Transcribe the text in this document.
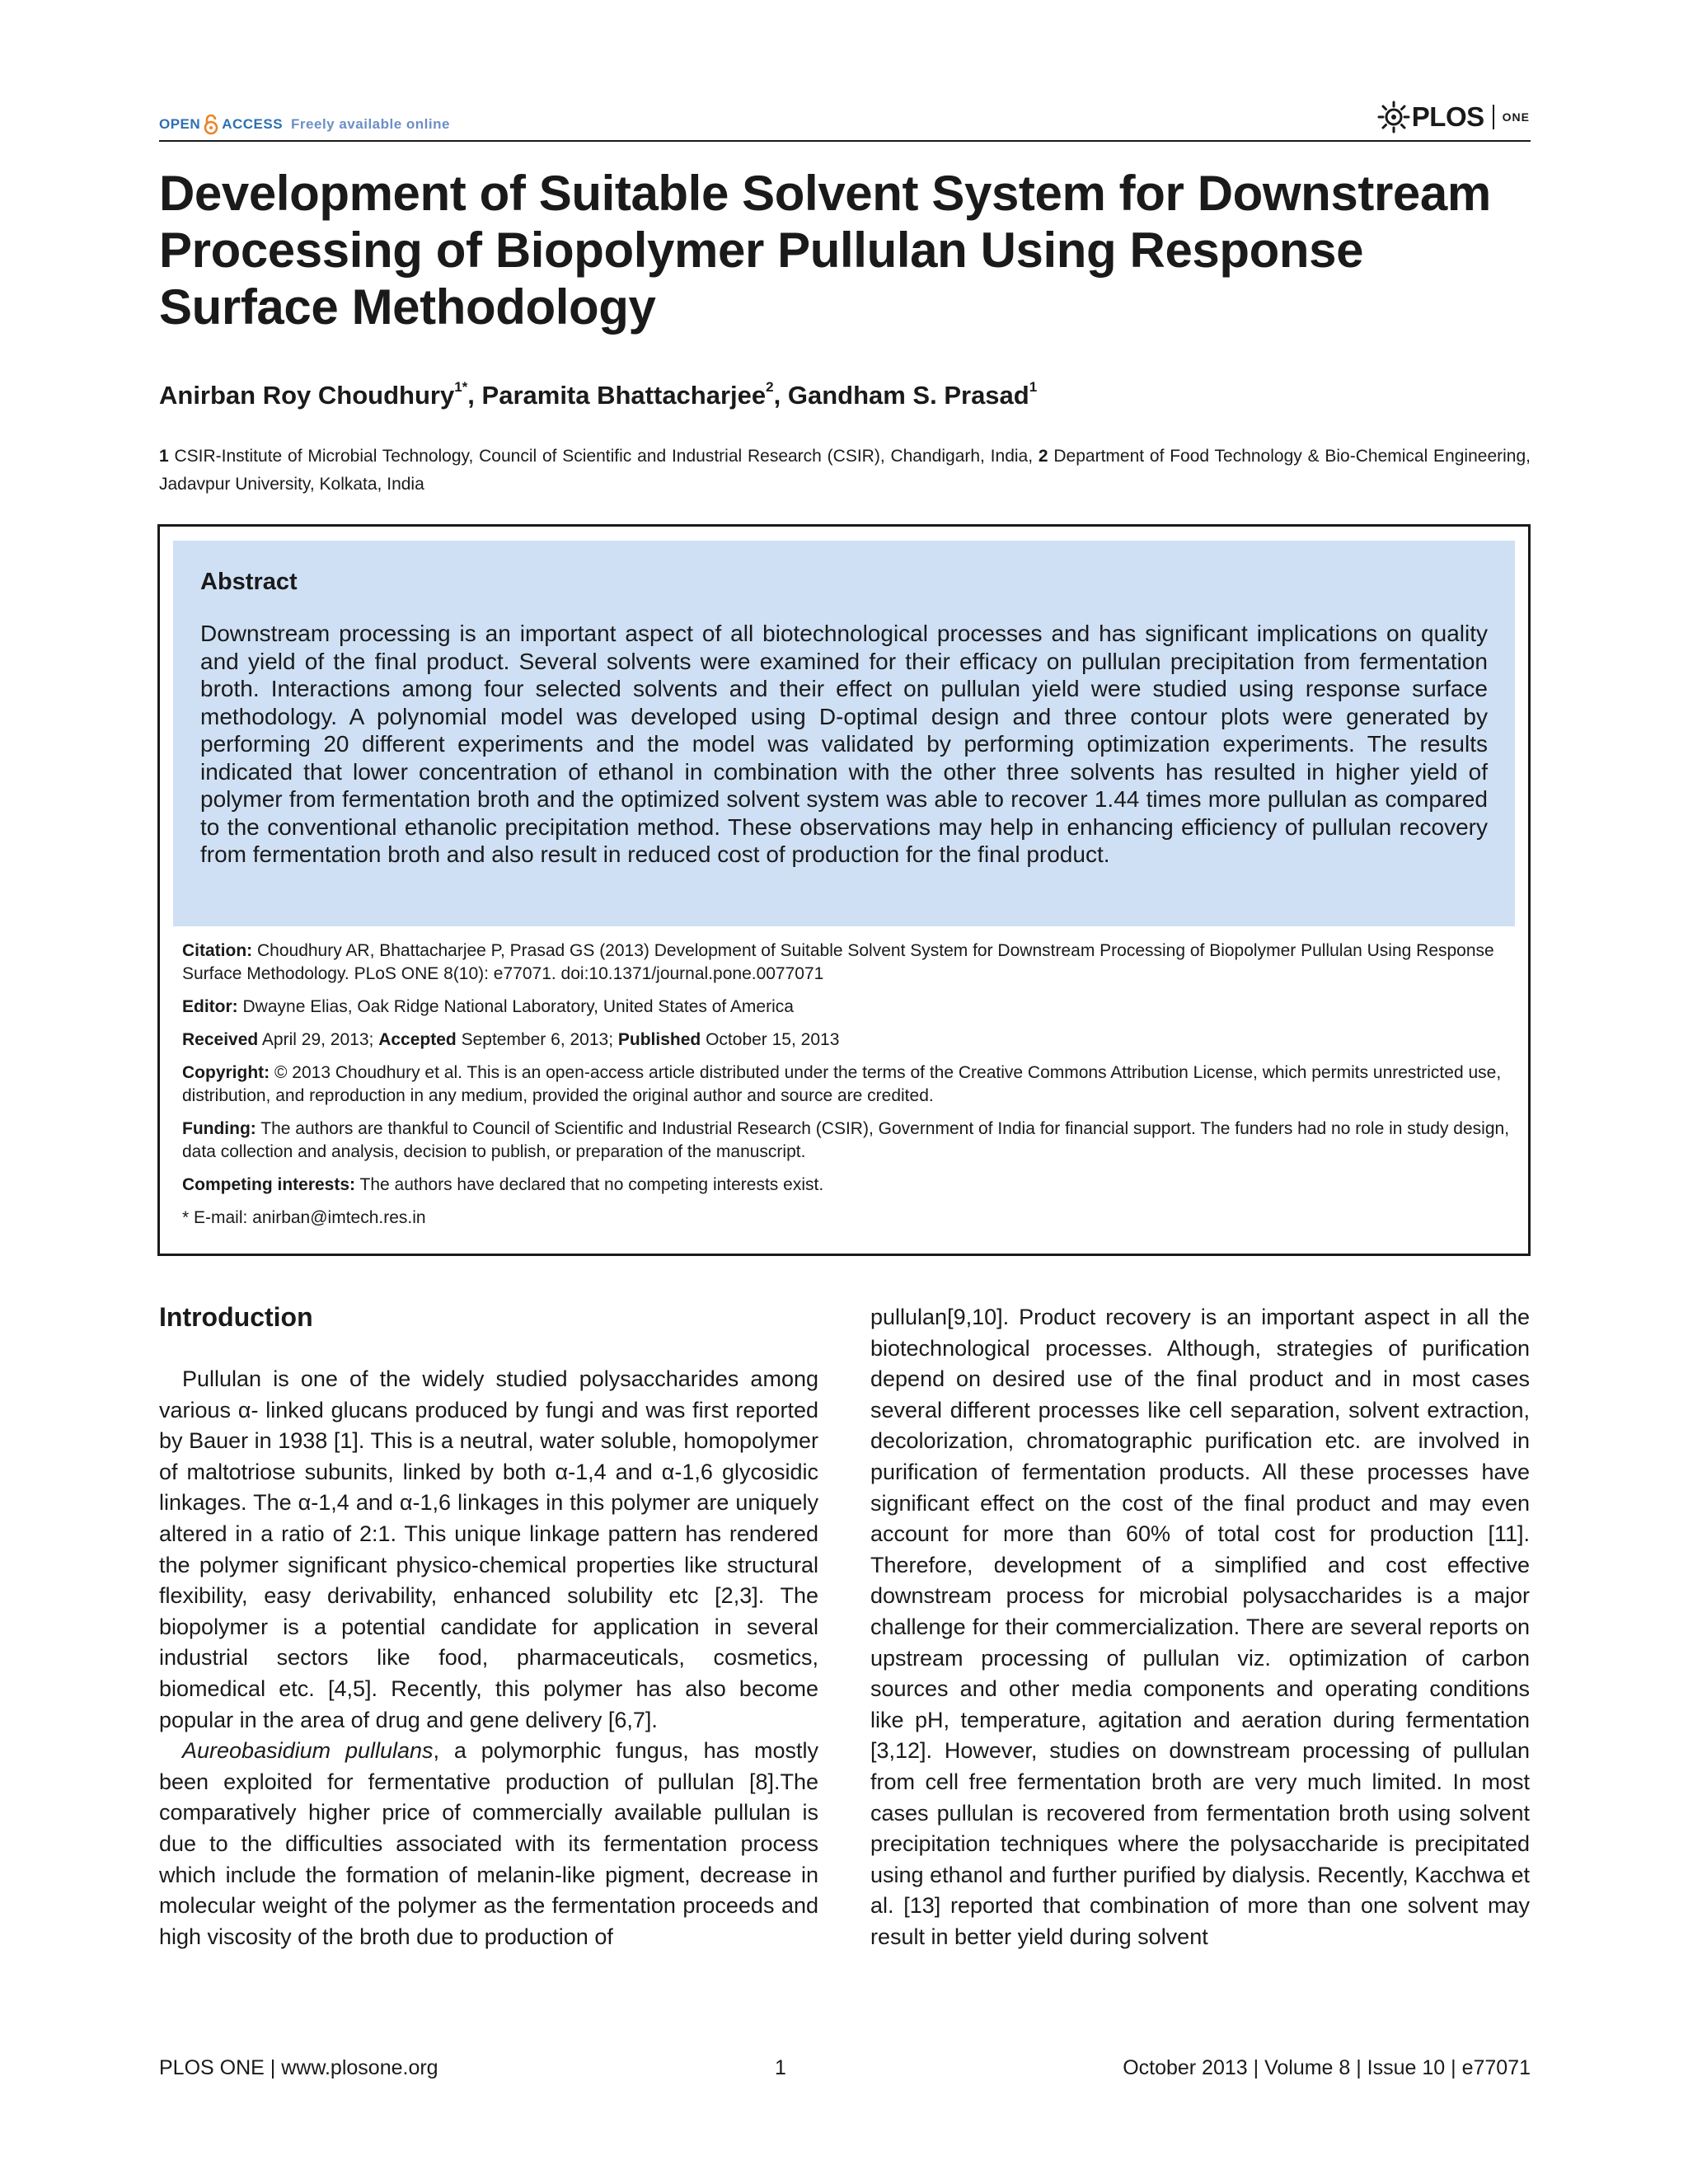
OPEN ACCESS Freely available online	PLOS ONE
Development of Suitable Solvent System for Downstream Processing of Biopolymer Pullulan Using Response Surface Methodology
Anirban Roy Choudhury$^{1*}$, Paramita Bhattacharjee$^2$, Gandham S. Prasad$^1$
1 CSIR-Institute of Microbial Technology, Council of Scientific and Industrial Research (CSIR), Chandigarh, India, 2 Department of Food Technology & Bio-Chemical Engineering, Jadavpur University, Kolkata, India
Abstract
Downstream processing is an important aspect of all biotechnological processes and has significant implications on quality and yield of the final product. Several solvents were examined for their efficacy on pullulan precipitation from fermentation broth. Interactions among four selected solvents and their effect on pullulan yield were studied using response surface methodology. A polynomial model was developed using D-optimal design and three contour plots were generated by performing 20 different experiments and the model was validated by performing optimization experiments. The results indicated that lower concentration of ethanol in combination with the other three solvents has resulted in higher yield of polymer from fermentation broth and the optimized solvent system was able to recover 1.44 times more pullulan as compared to the conventional ethanolic precipitation method. These observations may help in enhancing efficiency of pullulan recovery from fermentation broth and also result in reduced cost of production for the final product.
Citation: Choudhury AR, Bhattacharjee P, Prasad GS (2013) Development of Suitable Solvent System for Downstream Processing of Biopolymer Pullulan Using Response Surface Methodology. PLoS ONE 8(10): e77071. doi:10.1371/journal.pone.0077071
Editor: Dwayne Elias, Oak Ridge National Laboratory, United States of America
Received April 29, 2013; Accepted September 6, 2013; Published October 15, 2013
Copyright: © 2013 Choudhury et al. This is an open-access article distributed under the terms of the Creative Commons Attribution License, which permits unrestricted use, distribution, and reproduction in any medium, provided the original author and source are credited.
Funding: The authors are thankful to Council of Scientific and Industrial Research (CSIR), Government of India for financial support. The funders had no role in study design, data collection and analysis, decision to publish, or preparation of the manuscript.
Competing interests: The authors have declared that no competing interests exist.
* E-mail: anirban@imtech.res.in
Introduction

Pullulan is one of the widely studied polysaccharides among various α- linked glucans produced by fungi and was first reported by Bauer in 1938 [1]. This is a neutral, water soluble, homopolymer of maltotriose subunits, linked by both α-1,4 and α-1,6 glycosidic linkages. The α-1,4 and α-1,6 linkages in this polymer are uniquely altered in a ratio of 2:1. This unique linkage pattern has rendered the polymer significant physico-chemical properties like structural flexibility, easy derivability, enhanced solubility etc [2,3]. The biopolymer is a potential candidate for application in several industrial sectors like food, pharmaceuticals, cosmetics, biomedical etc. [4,5]. Recently, this polymer has also become popular in the area of drug and gene delivery [6,7].

Aureobasidium pullulans, a polymorphic fungus, has mostly been exploited for fermentative production of pullulan [8].The comparatively higher price of commercially available pullulan is due to the difficulties associated with its fermentation process which include the formation of melanin-like pigment, decrease in molecular weight of the polymer as the fermentation proceeds and high viscosity of the broth due to production of

pullulan[9,10]. Product recovery is an important aspect in all the biotechnological processes. Although, strategies of purification depend on desired use of the final product and in most cases several different processes like cell separation, solvent extraction, decolorization, chromatographic purification etc. are involved in purification of fermentation products. All these processes have significant effect on the cost of the final product and may even account for more than 60% of total cost for production [11]. Therefore, development of a simplified and cost effective downstream process for microbial polysaccharides is a major challenge for their commercialization. There are several reports on upstream processing of pullulan viz. optimization of carbon sources and other media components and operating conditions like pH, temperature, agitation and aeration during fermentation [3,12]. However, studies on downstream processing of pullulan from cell free fermentation broth are very much limited. In most cases pullulan is recovered from fermentation broth using solvent precipitation techniques where the polysaccharide is precipitated using ethanol and further purified by dialysis. Recently, Kacchwa et al. [13] reported that combination of more than one solvent may result in better yield during solvent

PLOS ONE | www.plosone.org	1	October 2013 | Volume 8 | Issue 10 | e77071
